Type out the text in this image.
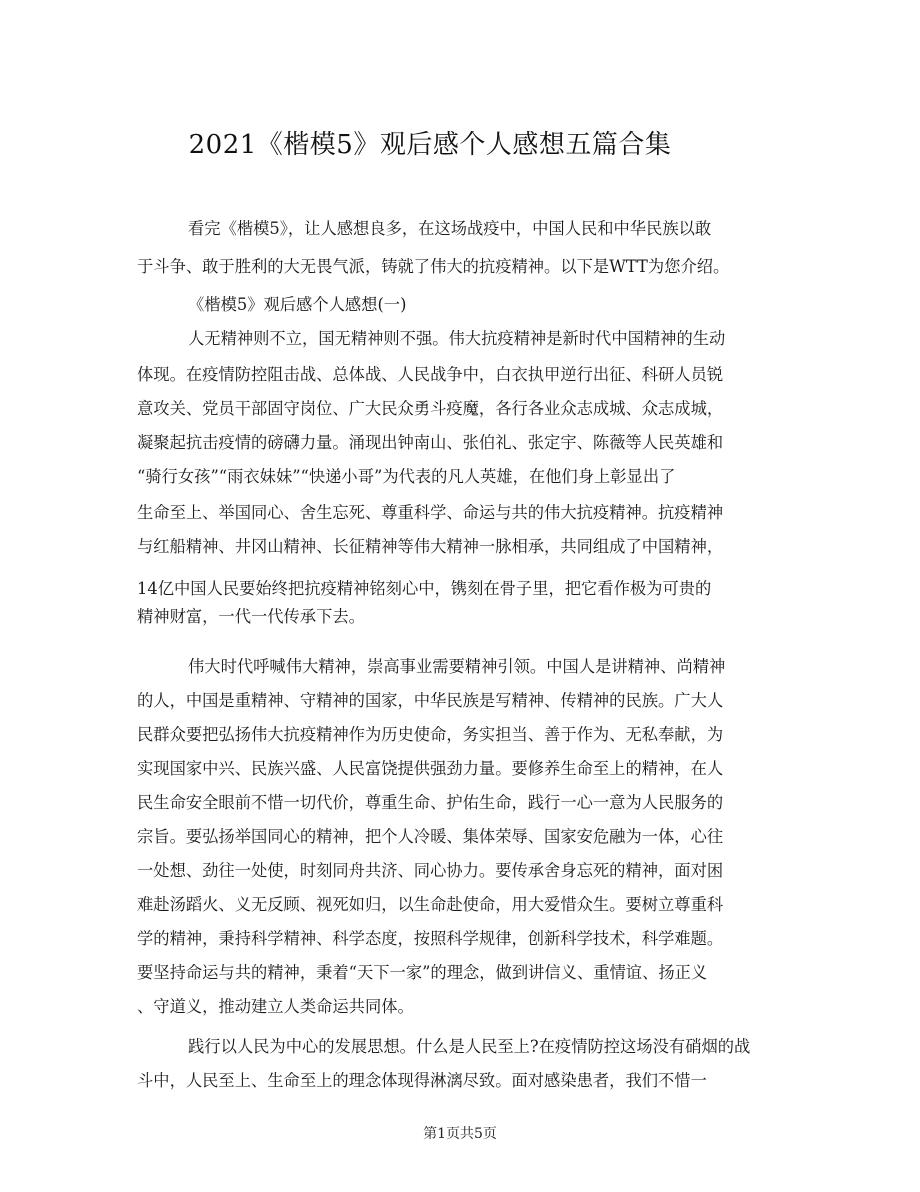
2021《楷模5》观后感个人感想五篇合集
看完《楷模5》，让人感想良多，在这场战疫中，中国人民和中华民族以敢
于斗争、敢于胜利的大无畏气派，铸就了伟大的抗疫精神。以下是WTT为您介绍。
《楷模5》观后感个人感想(一)
人无精神则不立，国无精神则不强。伟大抗疫精神是新时代中国精神的生动
体现。在疫情防控阻击战、总体战、人民战争中，白衣执甲逆行出征、科研人员锐
意攻关、党员干部固守岗位、广大民众勇斗疫魔，各行各业众志成城、众志成城，
凝聚起抗击疫情的磅礴力量。涌现出钟南山、张伯礼、张定宇、陈薇等人民英雄和
“骑行女孩”“雨衣妹妹”“快递小哥”为代表的凡人英雄，在他们身上彰显出了
生命至上、举国同心、舍生忘死、尊重科学、命运与共的伟大抗疫精神。抗疫精神
与红船精神、井冈山精神、长征精神等伟大精神一脉相承，共同组成了中国精神，
14亿中国人民要始终把抗疫精神铭刻心中，镌刻在骨子里，把它看作极为可贵的
精神财富，一代一代传承下去。
伟大时代呼喊伟大精神，崇高事业需要精神引领。中国人是讲精神、尚精神
的人，中国是重精神、守精神的国家，中华民族是写精神、传精神的民族。广大人
民群众要把弘扬伟大抗疫精神作为历史使命，务实担当、善于作为、无私奉献，为
实现国家中兴、民族兴盛、人民富饶提供强劲力量。要修养生命至上的精神，在人
民生命安全眼前不惜一切代价，尊重生命、护佑生命，践行一心一意为人民服务的
宗旨。要弘扬举国同心的精神，把个人冷暖、集体荣辱、国家安危融为一体，心往
一处想、劲往一处使，时刻同舟共济、同心协力。要传承舍身忘死的精神，面对困
难赴汤蹈火、义无反顾、视死如归，以生命赴使命，用大爱惜众生。要树立尊重科
学的精神，秉持科学精神、科学态度，按照科学规律，创新科学技术，科学难题。
要坚持命运与共的精神，秉着“天下一家”的理念，做到讲信义、重情谊、扬正义
、守道义，推动建立人类命运共同体。
践行以人民为中心的发展思想。什么是人民至上?在疫情防控这场没有硝烟的战
斗中，人民至上、生命至上的理念体现得淋漓尽致。面对感染患者，我们不惜一
第1页共5页
